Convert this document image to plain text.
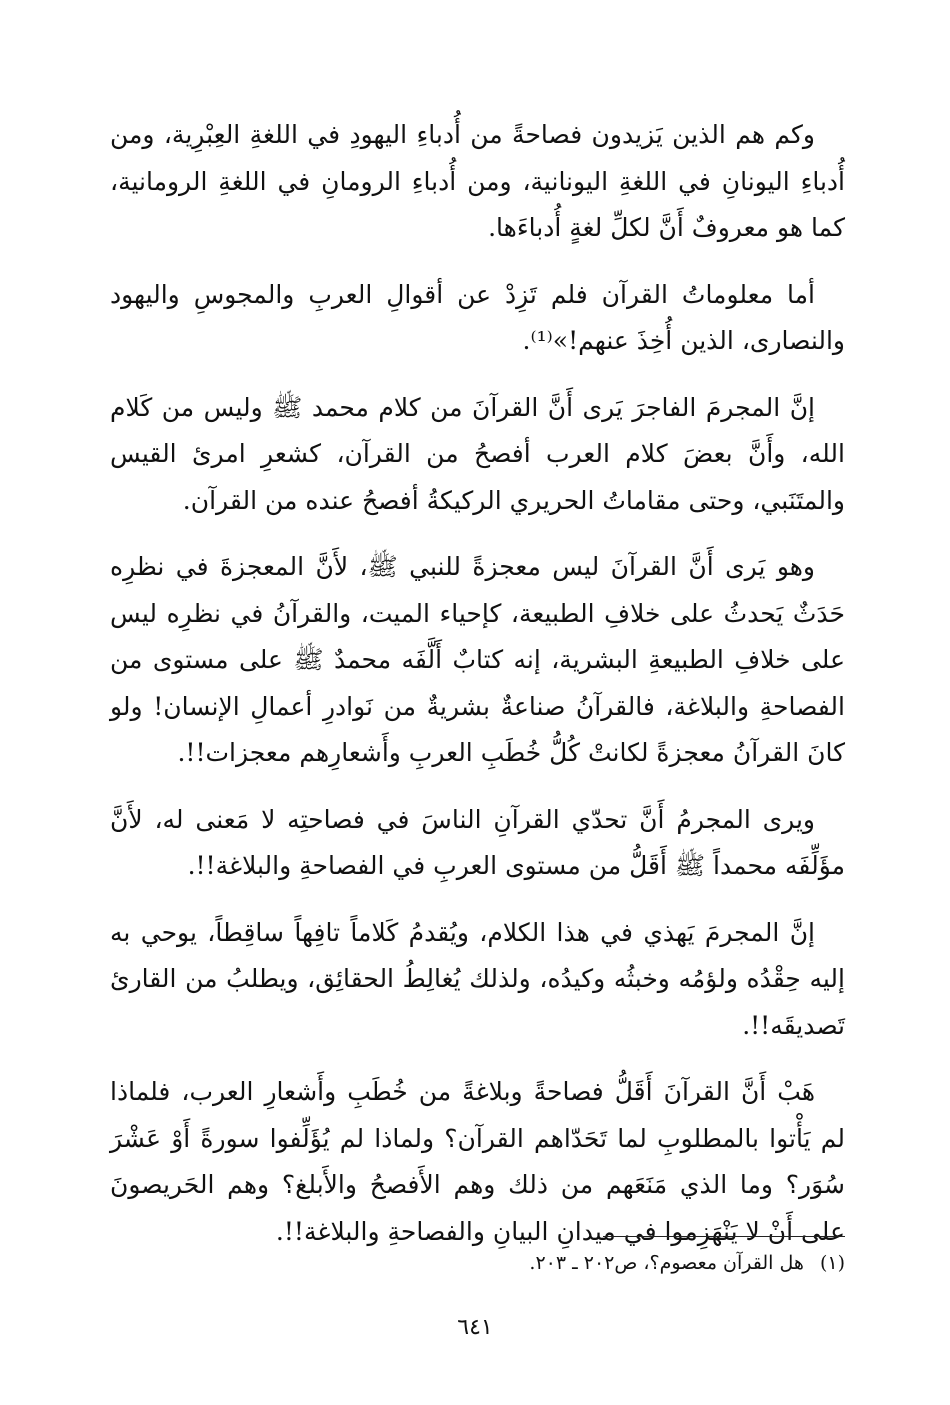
وكم هم الذين يَزيدون فصاحةً من أُدباءِ اليهودِ في اللغةِ العِبْرِية، ومن أُدباءِ اليونانِ في اللغةِ اليونانية، ومن أُدباءِ الرومانِ في اللغةِ الرومانية، كما هو معروفٌ أَنَّ لكلِّ لغةٍ أُدباءَها.

أما معلوماتُ القرآن فلم تَزِدْ عن أقوالِ العربِ والمجوسِ واليهود والنصارى، الذين أُخِذَ عنهم!»⁽¹⁾.

إنَّ المجرمَ الفاجرَ يَرى أَنَّ القرآنَ من كلام محمد ﷺ وليس من كَلام الله، وأَنَّ بعضَ كلام العرب أفصحُ من القرآن، كشعرِ امرئ القيس والمتَنَبي، وحتى مقاماتُ الحريري الركيكةُ أفصحُ عنده من القرآن.

وهو يَرى أَنَّ القرآنَ ليس معجزةً للنبي ﷺ، لأَنَّ المعجزةَ في نظرِه حَدَثٌ يَحدثُ على خلافِ الطبيعة، كإحياء الميت، والقرآنُ في نظرِه ليس على خلافِ الطبيعةِ البشرية، إنه كتابٌ أَلَّفَه محمدٌ ﷺ على مستوى من الفصاحةِ والبلاغة، فالقرآنُ صناعةٌ بشريةٌ من نَوادرِ أعمالِ الإنسان! ولو كانَ القرآنُ معجزةً لكانتْ كُلُّ خُطَبِ العربِ وأَشعارِهم معجزات!!.

ويرى المجرمُ أَنَّ تحدّي القرآنِ الناسَ في فصاحتِه لا مَعنى له، لأَنَّ مؤَلِّفَه محمداً ﷺ أَقَلُّ من مستوى العربِ في الفصاحةِ والبلاغة!!.

إنَّ المجرمَ يَهذي في هذا الكلام، ويُقدمُ كَلاماً تافِهاً ساقِطاً، يوحي به إليه حِقْدُه ولؤمُه وخبثُه وكيدُه، ولذلك يُغالِطُ الحقائِق، ويطلبُ من القارئ تَصديقَه!!.

هَبْ أَنَّ القرآنَ أَقَلُّ فصاحةً وبلاغةً من خُطَبِ وأَشعارِ العرب، فلماذا لم يَأْتوا بالمطلوبِ لما تَحَدّاهم القرآن؟ ولماذا لم يُؤَلِّفوا سورةً أَوْ عَشْرَ سُوَر؟ وما الذي مَنَعَهم من ذلك وهم الأَفصحُ والأَبلغ؟ وهم الحَريصونَ على أَنْ لا يَنْهَزِموا في ميدانِ البيانِ والفصاحةِ والبلاغة!!.

(١) هل القرآن معصوم؟، ص٢٠٢ ـ ٢٠٣.
٦٤١
